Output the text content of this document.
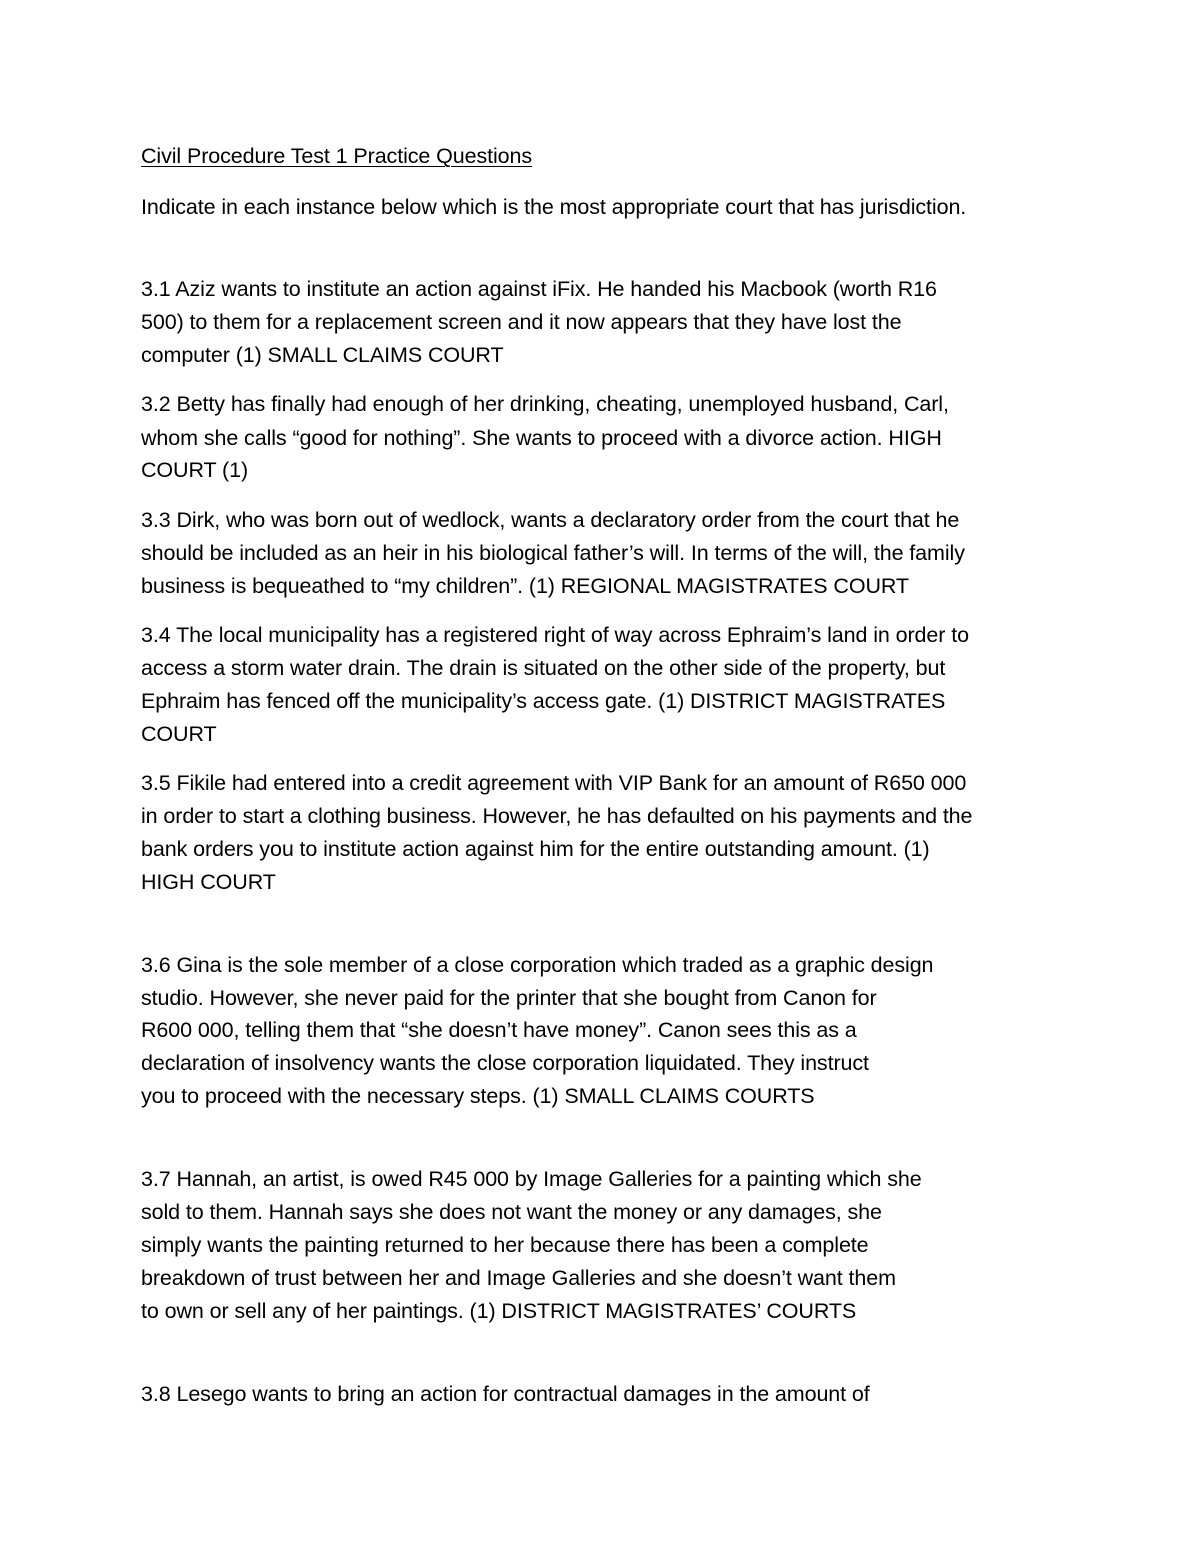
Civil Procedure Test 1 Practice Questions
Indicate in each instance below which is the most appropriate court that has jurisdiction.
3.1 Aziz wants to institute an action against iFix. He handed his Macbook (worth R16
500) to them for a replacement screen and it now appears that they have lost the
computer (1) SMALL CLAIMS COURT
3.2 Betty has finally had enough of her drinking, cheating, unemployed husband, Carl,
whom she calls “good for nothing”. She wants to proceed with a divorce action. HIGH
COURT (1)
3.3 Dirk, who was born out of wedlock, wants a declaratory order from the court that he
should be included as an heir in his biological father’s will. In terms of the will, the family
business is bequeathed to “my children”. (1) REGIONAL MAGISTRATES COURT
3.4 The local municipality has a registered right of way across Ephraim’s land in order to
access a storm water drain. The drain is situated on the other side of the property, but
Ephraim has fenced off the municipality’s access gate. (1) DISTRICT MAGISTRATES
COURT
3.5 Fikile had entered into a credit agreement with VIP Bank for an amount of R650 000
in order to start a clothing business. However, he has defaulted on his payments and the
bank orders you to institute action against him for the entire outstanding amount. (1)
HIGH COURT
3.6 Gina is the sole member of a close corporation which traded as a graphic design
studio. However, she never paid for the printer that she bought from Canon for
R600 000, telling them that “she doesn’t have money”. Canon sees this as a
declaration of insolvency wants the close corporation liquidated. They instruct
you to proceed with the necessary steps. (1) SMALL CLAIMS COURTS
3.7 Hannah, an artist, is owed R45 000 by Image Galleries for a painting which she
sold to them. Hannah says she does not want the money or any damages, she
simply wants the painting returned to her because there has been a complete
breakdown of trust between her and Image Galleries and she doesn’t want them
to own or sell any of her paintings. (1) DISTRICT MAGISTRATES’ COURTS
3.8 Lesego wants to bring an action for contractual damages in the amount of
